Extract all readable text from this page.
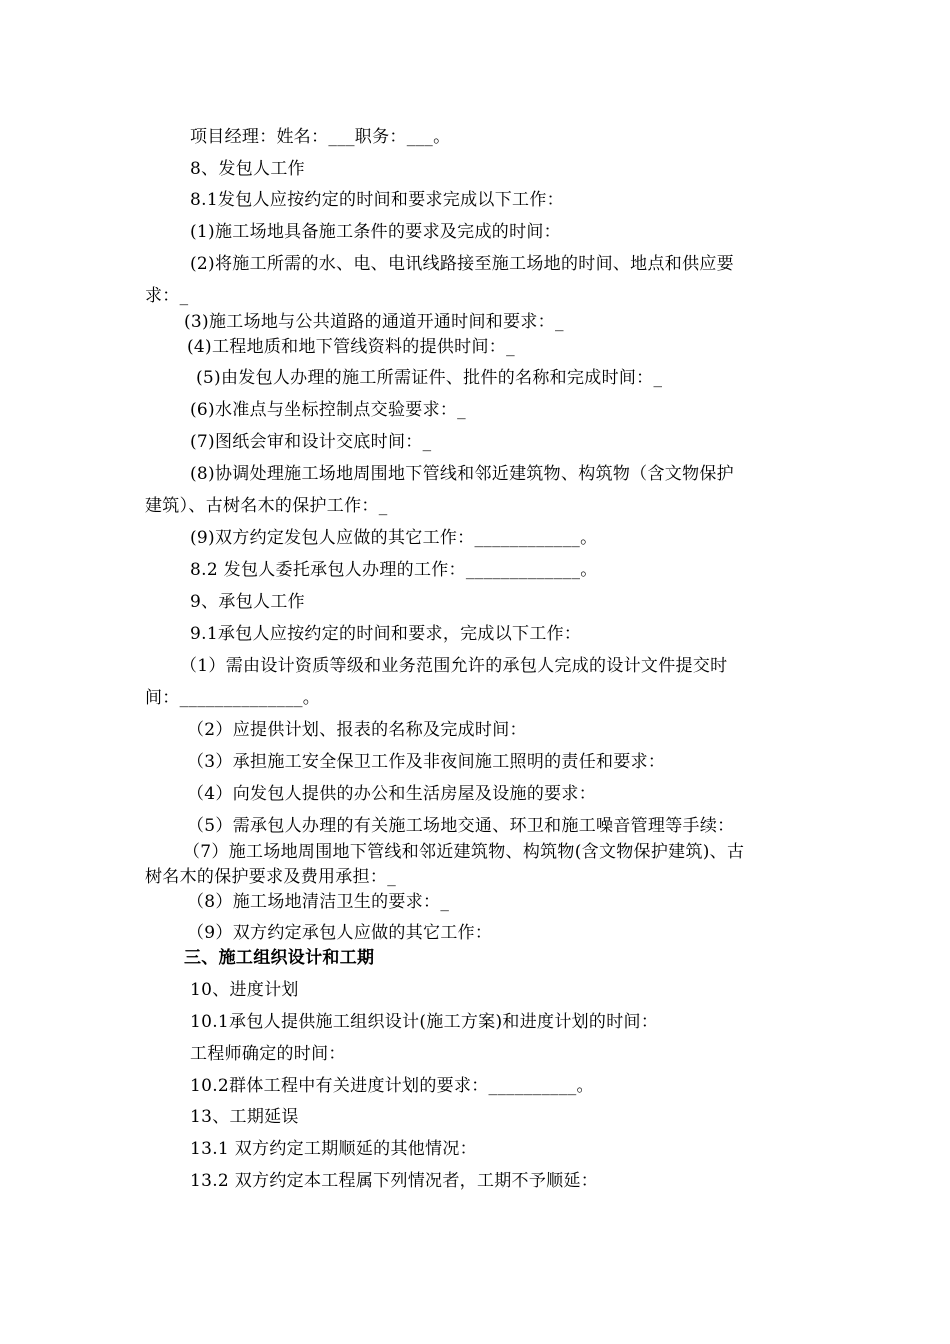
项目经理：姓名：___职务：___。
8、发包人工作
8.1发包人应按约定的时间和要求完成以下工作：
(1)施工场地具备施工条件的要求及完成的时间：
(2)将施工所需的水、电、电讯线路接至施工场地的时间、地点和供应要
求：_
(3)施工场地与公共道路的通道开通时间和要求：_
(4)工程地质和地下管线资料的提供时间：_
(5)由发包人办理的施工所需证件、批件的名称和完成时间：_
(6)水准点与坐标控制点交验要求：_
(7)图纸会审和设计交底时间：_
(8)协调处理施工场地周围地下管线和邻近建筑物、构筑物（含文物保护
建筑）、古树名木的保护工作：_
(9)双方约定发包人应做的其它工作：____________。
8.2 发包人委托承包人办理的工作：_____________。
9、承包人工作
9.1承包人应按约定的时间和要求，完成以下工作：
（1）需由设计资质等级和业务范围允许的承包人完成的设计文件提交时
间：______________。
（2）应提供计划、报表的名称及完成时间：
（3）承担施工安全保卫工作及非夜间施工照明的责任和要求：
（4）向发包人提供的办公和生活房屋及设施的要求：
（5）需承包人办理的有关施工场地交通、环卫和施工噪音管理等手续：
（7）施工场地周围地下管线和邻近建筑物、构筑物(含文物保护建筑)、古
树名木的保护要求及费用承担：_
（8）施工场地清洁卫生的要求：_
（9）双方约定承包人应做的其它工作：
三、施工组织设计和工期
10、进度计划
10.1承包人提供施工组织设计(施工方案)和进度计划的时间：
工程师确定的时间：
10.2群体工程中有关进度计划的要求：__________。
13、工期延误
13.1 双方约定工期顺延的其他情况：
13.2 双方约定本工程属下列情况者，工期不予顺延：
